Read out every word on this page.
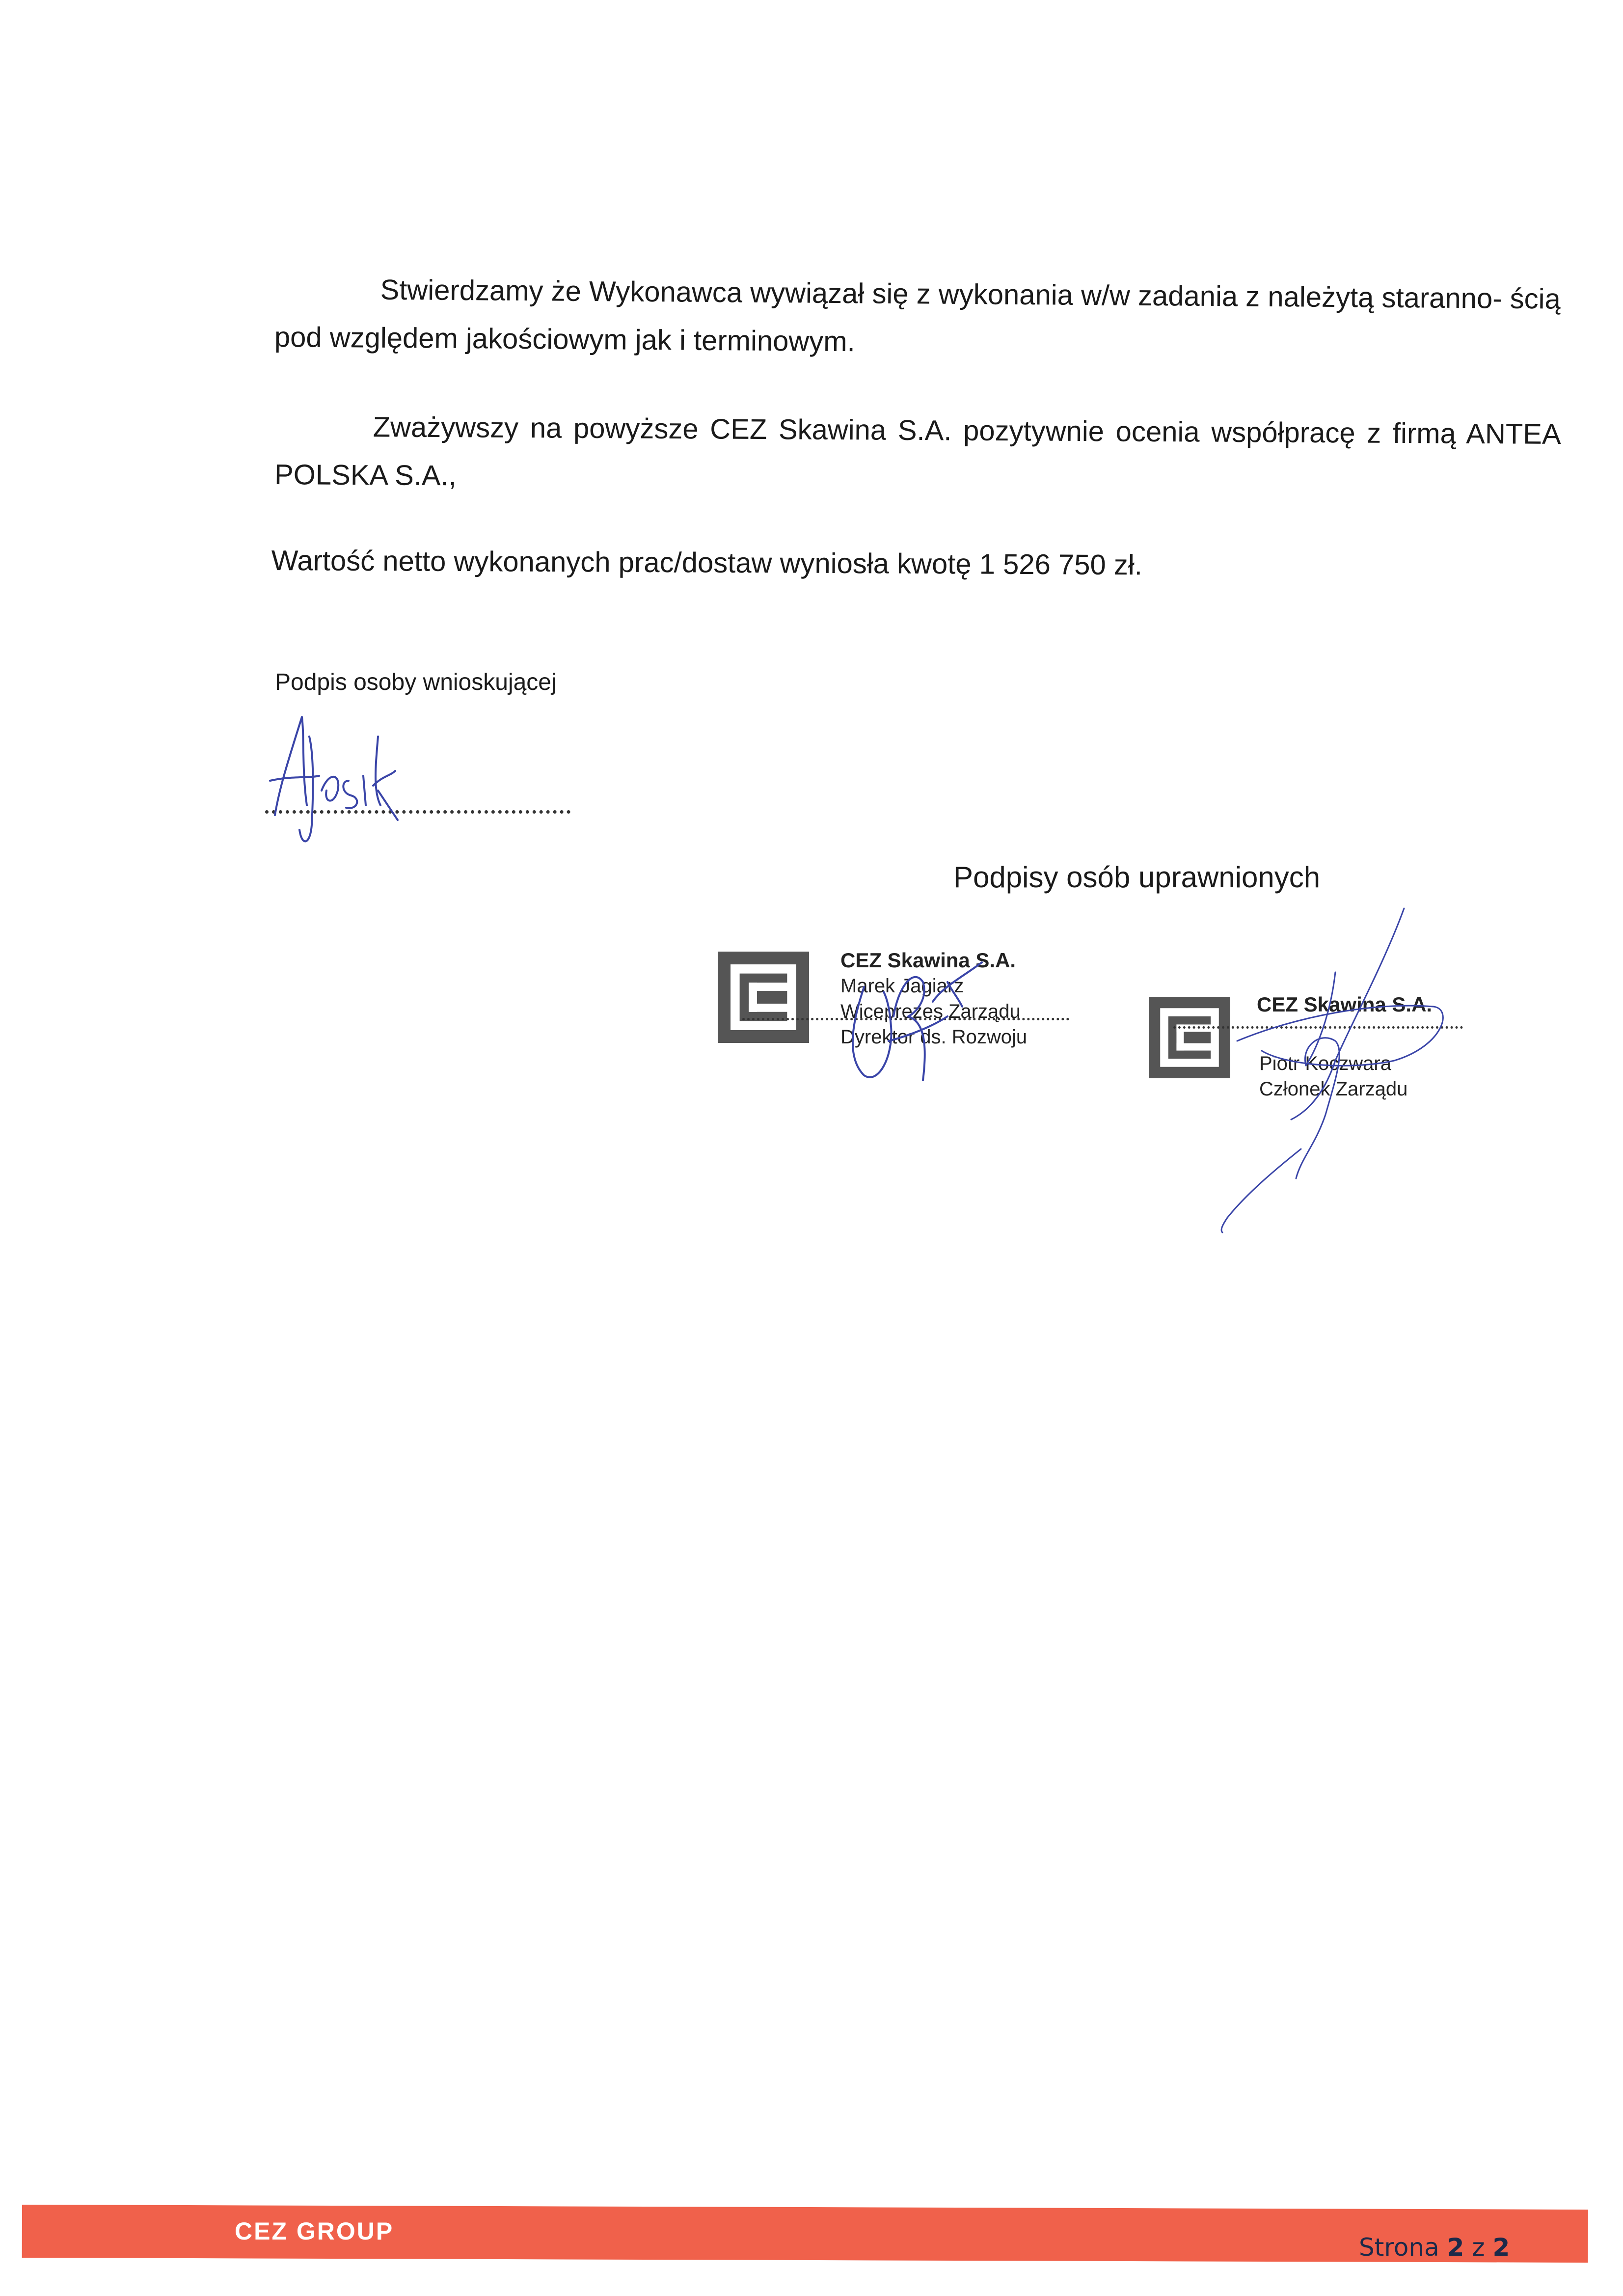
Stwierdzamy że Wykonawca wywiązał się z wykonania w/w zadania z należytą staranno- ścią pod względem jakościowym jak i terminowym.
Zważywszy na powyższe CEZ Skawina S.A. pozytywnie ocenia współpracę z firmą ANTEA POLSKA S.A.,
Wartość netto wykonanych prac/dostaw wyniosła kwotę 1 526 750 zł.
Podpis osoby wnioskującej
Podpisy osób uprawnionych
CEZ Skawina S.A.
Marek Jagiarz
Wiceprezes Zarządu
Dyrektor ds. Rozwoju
CEZ Skawina S.A.
Piotr Koczwara
Członek Zarządu
CEZ GROUP
Strona 2 z 2
